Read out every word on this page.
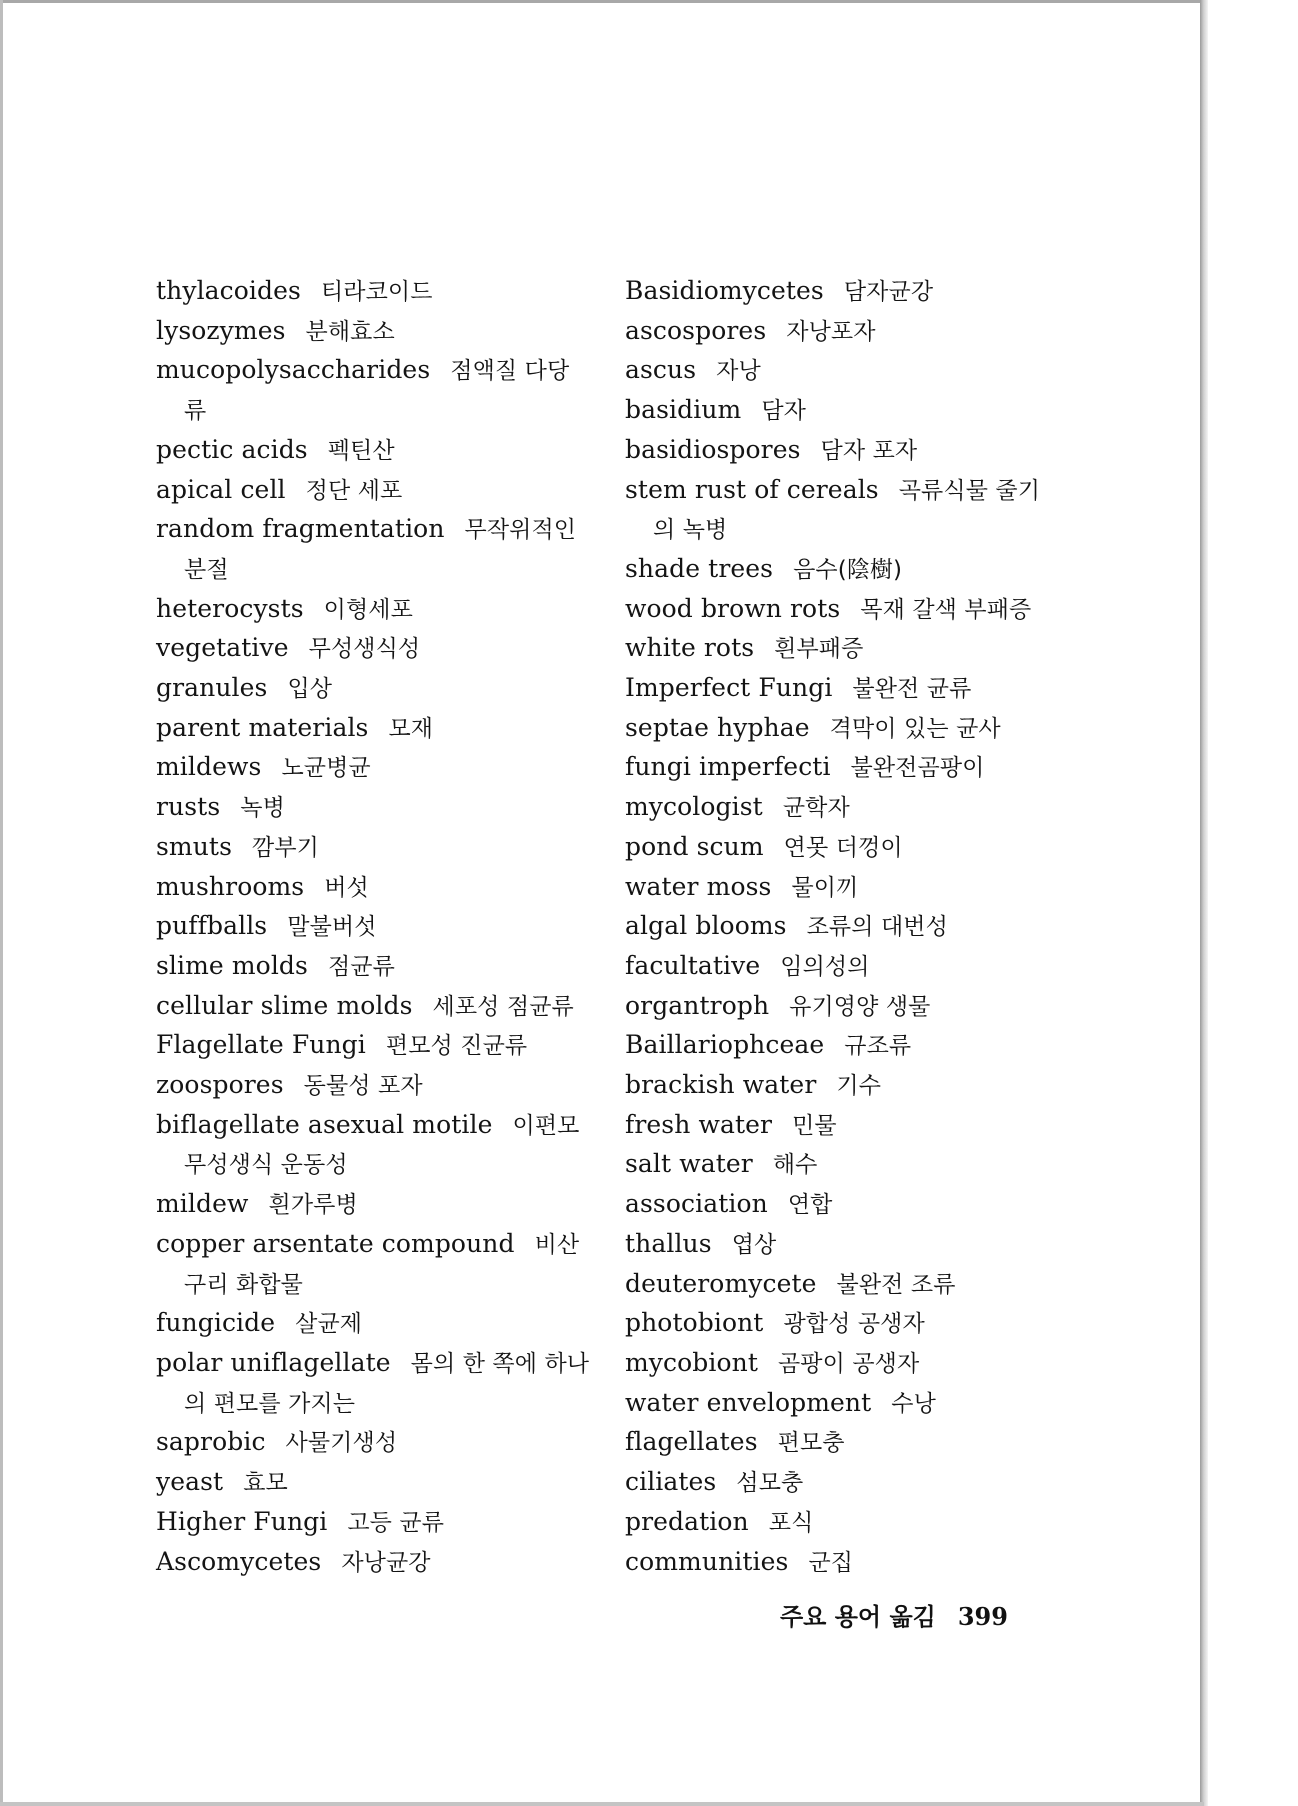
thylacoides 티라코이드
lysozymes 분해효소
mucopolysaccharides 점액질 다당류
pectic acids 펙틴산
apical cell 정단 세포
random fragmentation 무작위적인 분절
heterocysts 이형세포
vegetative 무성생식성
granules 입상
parent materials 모재
mildews 노균병균
rusts 녹병
smuts 깜부기
mushrooms 버섯
puffballs 말불버섯
slime molds 점균류
cellular slime molds 세포성 점균류
Flagellate Fungi 편모성 진균류
zoospores 동물성 포자
biflagellate asexual motile 이편모 무성생식 운동성
mildew 흰가루병
copper arsentate compound 비산구리 화합물
fungicide 살균제
polar uniflagellate 몸의 한 쪽에 하나의 편모를 가지는
saprobic 사물기생성
yeast 효모
Higher Fungi 고등 균류
Ascomycetes 자낭균강
Basidiomycetes 담자균강
ascospores 자낭포자
ascus 자낭
basidium 담자
basidiospores 담자 포자
stem rust of cereals 곡류식물 줄기의 녹병
shade trees 음수(陰樹)
wood brown rots 목재 갈색 부패증
white rots 흰부패증
Imperfect Fungi 불완전 균류
septae hyphae 격막이 있는 균사
fungi imperfecti 불완전곰팡이
mycologist 균학자
pond scum 연못 더껑이
water moss 물이끼
algal blooms 조류의 대번성
facultative 임의성의
organtroph 유기영양 생물
Baillariophceae 규조류
brackish water 기수
fresh water 민물
salt water 해수
association 연합
thallus 엽상
deuteromycete 불완전 조류
photobiont 광합성 공생자
mycobiont 곰팡이 공생자
water envelopment 수낭
flagellates 편모충
ciliates 섬모충
predation 포식
communities 군집
주요 용어 옮김 399
